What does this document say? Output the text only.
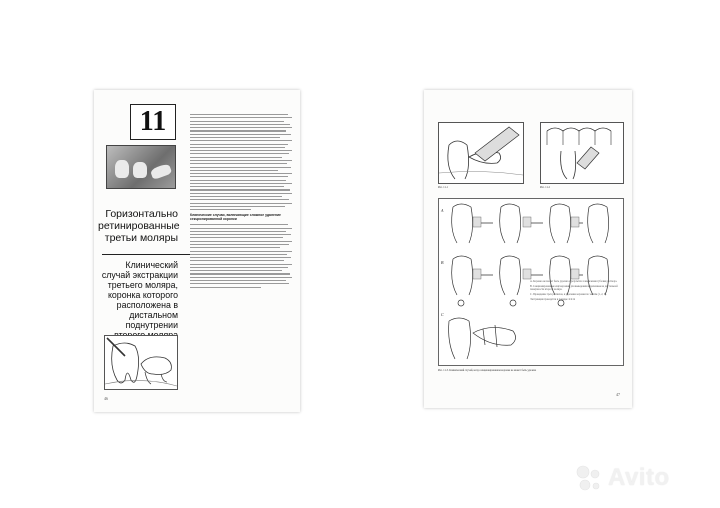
11
Горизонтально ретинированные третьи моляры
Клинический случай экстракции третьего моляра, коронка которого расположена в дистальном поднутрении
Клинические случаи, включающие сложное удаление секционированной коронки
46
Рис. 11-1	Рис. 11-2
A
B
C
A. Коронка не может быть удалена в результате защемления губочки раствора.
B. Секционированные ещё коронки, для выведения выделенные на дистальной поверхности второго моляра.
C. Проведение трех распилов, и удаление коронки по частям (1, 2, 3).
Экстракция проводится в порядке ①②③
Рис. 11-3. Клинический случай, когда секционированная коронка не может быть удалена
47
Avito
